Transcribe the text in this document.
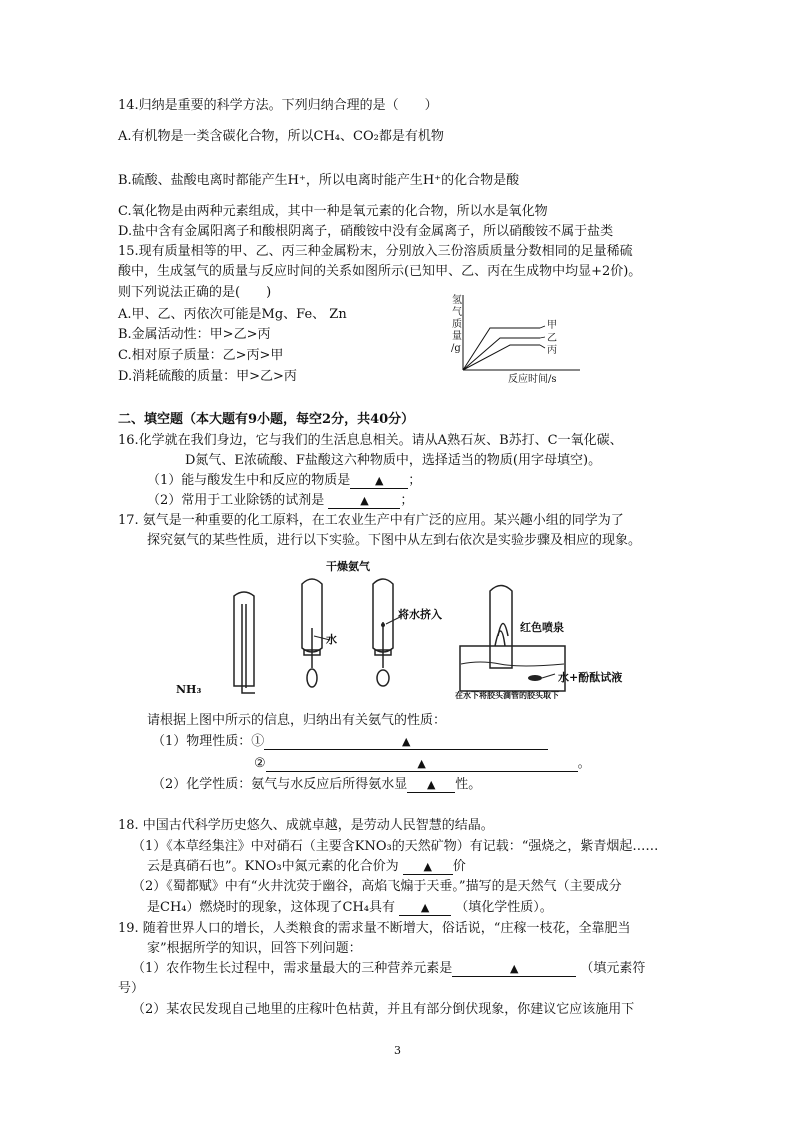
14.归纳是重要的科学方法。下列归纳合理的是（　　）
A.有机物是一类含碳化合物，所以CH₄、CO₂都是有机物
B.硫酸、盐酸电离时都能产生H⁺，所以电离时能产生H⁺的化合物是酸
C.氧化物是由两种元素组成，其中一种是氧元素的化合物，所以水是氧化物
D.盐中含有金属阳离子和酸根阴离子，硝酸铵中没有金属离子，所以硝酸铵不属于盐类
15.现有质量相等的甲、乙、丙三种金属粉末，分别放入三份溶质质量分数相同的足量稀硫
酸中，生成氢气的质量与反应时间的关系如图所示(已知甲、乙、丙在生成物中均显+2价)。
则下列说法正确的是(　　)
A.甲、乙、丙依次可能是Mg、Fe、 Zn
B.金属活动性：甲>乙>丙
C.相对原子质量：乙>丙>甲
D.消耗硫酸的质量：甲>乙>丙
氢
气
质
量
/g
甲
乙
丙
反应时间/s
二、填空题（本大题有9小题，每空2分，共40分）
16.化学就在我们身边，它与我们的生活息息相关。请从A熟石灰、B苏打、C一氧化碳、
D氮气、E浓硫酸、F盐酸这六种物质中，选择适当的物质(用字母填空)。
（1）能与酸发生中和反应的物质是 ▲ ；
（2）常用于工业除锈的试剂是	▲ ；
17. 氨气是一种重要的化工原料，在工农业生产中有广泛的应用。某兴趣小组的同学为了
探究氨气的某些性质，进行以下实验。下图中从左到右依次是实验步骤及相应的现象。
干燥氨气
水
将水挤入
红色喷泉
水+酚酞试液
NH₃	在水下将胶头滴管的胶头取下
请根据上图中所示的信息，归纳出有关氨气的性质：
（1）物理性质：①	▲
②	▲	。
（2）化学性质：氨气与水反应后所得氨水显 ▲ 性。
18. 中国古代科学历史悠久、成就卓越，是劳动人民智慧的结晶。
（1）《本草经集注》中对硝石（主要含KNO₃的天然矿物）有记载：“强烧之，紫青烟起……
云是真硝石也”。KNO₃中氮元素的化合价为 ▲ 价
（2）《蜀都赋》中有“火井沈荧于幽谷，高焰飞煽于天垂。”描写的是天然气（主要成分
是CH₄）燃烧时的现象，这体现了CH₄具有 ▲ （填化学性质）。
19. 随着世界人口的增长，人类粮食的需求量不断增大，俗话说，“庄稼一枝花，全靠肥当
家”根据所学的知识，回答下列问题：
（1）农作物生长过程中，需求量最大的三种营养元素是	▲	（填元素符
号）
（2）某农民发现自己地里的庄稼叶色枯黄，并且有部分倒伏现象，你建议它应该施用下
3
